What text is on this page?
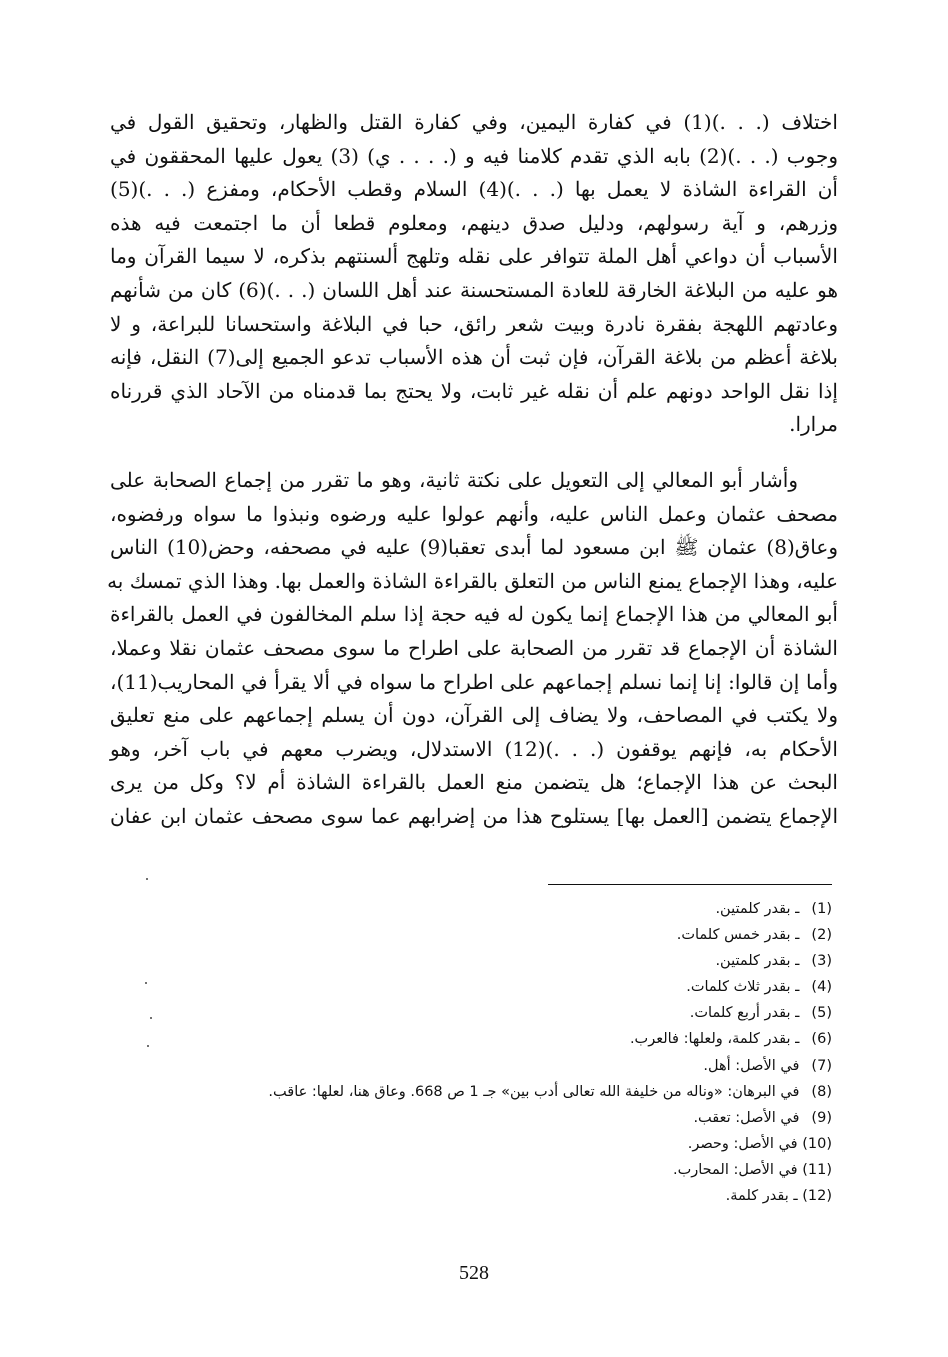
اختلاف (. . .)(1) في كفارة اليمين، وفي كفارة القتل والظهار، وتحقيق القول في
وجوب (. . .)(2) بابه الذي تقدم كلامنا فيه و (. . . . ي) (3) يعول عليها المحققون في
أن القراءة الشاذة لا يعمل بها (. . .)(4) السلام وقطب الأحكام، ومفزع (. . .)(5)
وزرهم، و آية رسولهم، ودليل صدق دينهم، ومعلوم قطعا أن ما اجتمعت فيه هذه
الأسباب أن دواعي أهل الملة تتوافر على نقله وتلهج ألسنتهم بذكره، لا سيما القرآن وما
هو عليه من البلاغة الخارقة للعادة المستحسنة عند أهل اللسان (. . .)(6) كان من شأنهم
وعادتهم اللهجة بفقرة نادرة وبيت شعر رائق، حبا في البلاغة واستحسانا للبراعة، و لا
بلاغة أعظم من بلاغة القرآن، فإن ثبت أن هذه الأسباب تدعو الجميع إلى(7) النقل، فإنه
إذا نقل الواحد دونهم علم أن نقله غير ثابت، ولا يحتج بما قدمناه من الآحاد الذي قررناه
مرارا.
وأشار أبو المعالي إلى التعويل على نكتة ثانية، وهو ما تقرر من إجماع الصحابة على
مصحف عثمان وعمل الناس عليه، وأنهم عولوا عليه ورضوه ونبذوا ما سواه ورفضوه،
وعاق(8) عثمان ﷺ ابن مسعود لما أبدى تعقبا(9) عليه في مصحفه، وحض(10) الناس
عليه، وهذا الإجماع يمنع الناس من التعلق بالقراءة الشاذة والعمل بها. وهذا الذي تمسك به
أبو المعالي من هذا الإجماع إنما يكون له فيه حجة إذا سلم المخالفون في العمل بالقراءة
الشاذة أن الإجماع قد تقرر من الصحابة على اطراح ما سوى مصحف عثمان نقلا وعملا،
وأما إن قالوا: إنا إنما نسلم إجماعهم على اطراح ما سواه في ألا يقرأ في المحاريب(11)،
ولا يكتب في المصاحف، ولا يضاف إلى القرآن، دون أن يسلم إجماعهم على منع تعليق
الأحكام به، فإنهم يوقفون (. . .)(12) الاستدلال، ويضرب معهم في باب آخر، وهو
البحث عن هذا الإجماع؛ هل يتضمن منع العمل بالقراءة الشاذة أم لا؟ وكل من يرى
الإجماع يتضمن [العمل بها] يستلوح هذا من إضرابهم عما سوى مصحف عثمان ابن عفان
(1) ـ بقدر كلمتين.
(2) ـ بقدر خمس كلمات.
(3) ـ بقدر كلمتين.
(4) ـ بقدر ثلاث كلمات.
(5) ـ بقدر أربع كلمات.
(6) ـ بقدر كلمة، ولعلها: فالعرب.
(7) في الأصل: أهل.
(8) في البرهان: «وناله من خليفة الله تعالى أدب بين» جـ 1 ص 668. وعاق هنا، لعلها: عاقب.
(9) في الأصل: تعقب.
(10) في الأصل: وحصر.
(11) في الأصل: المحارب.
(12) ـ بقدر كلمة.
528
